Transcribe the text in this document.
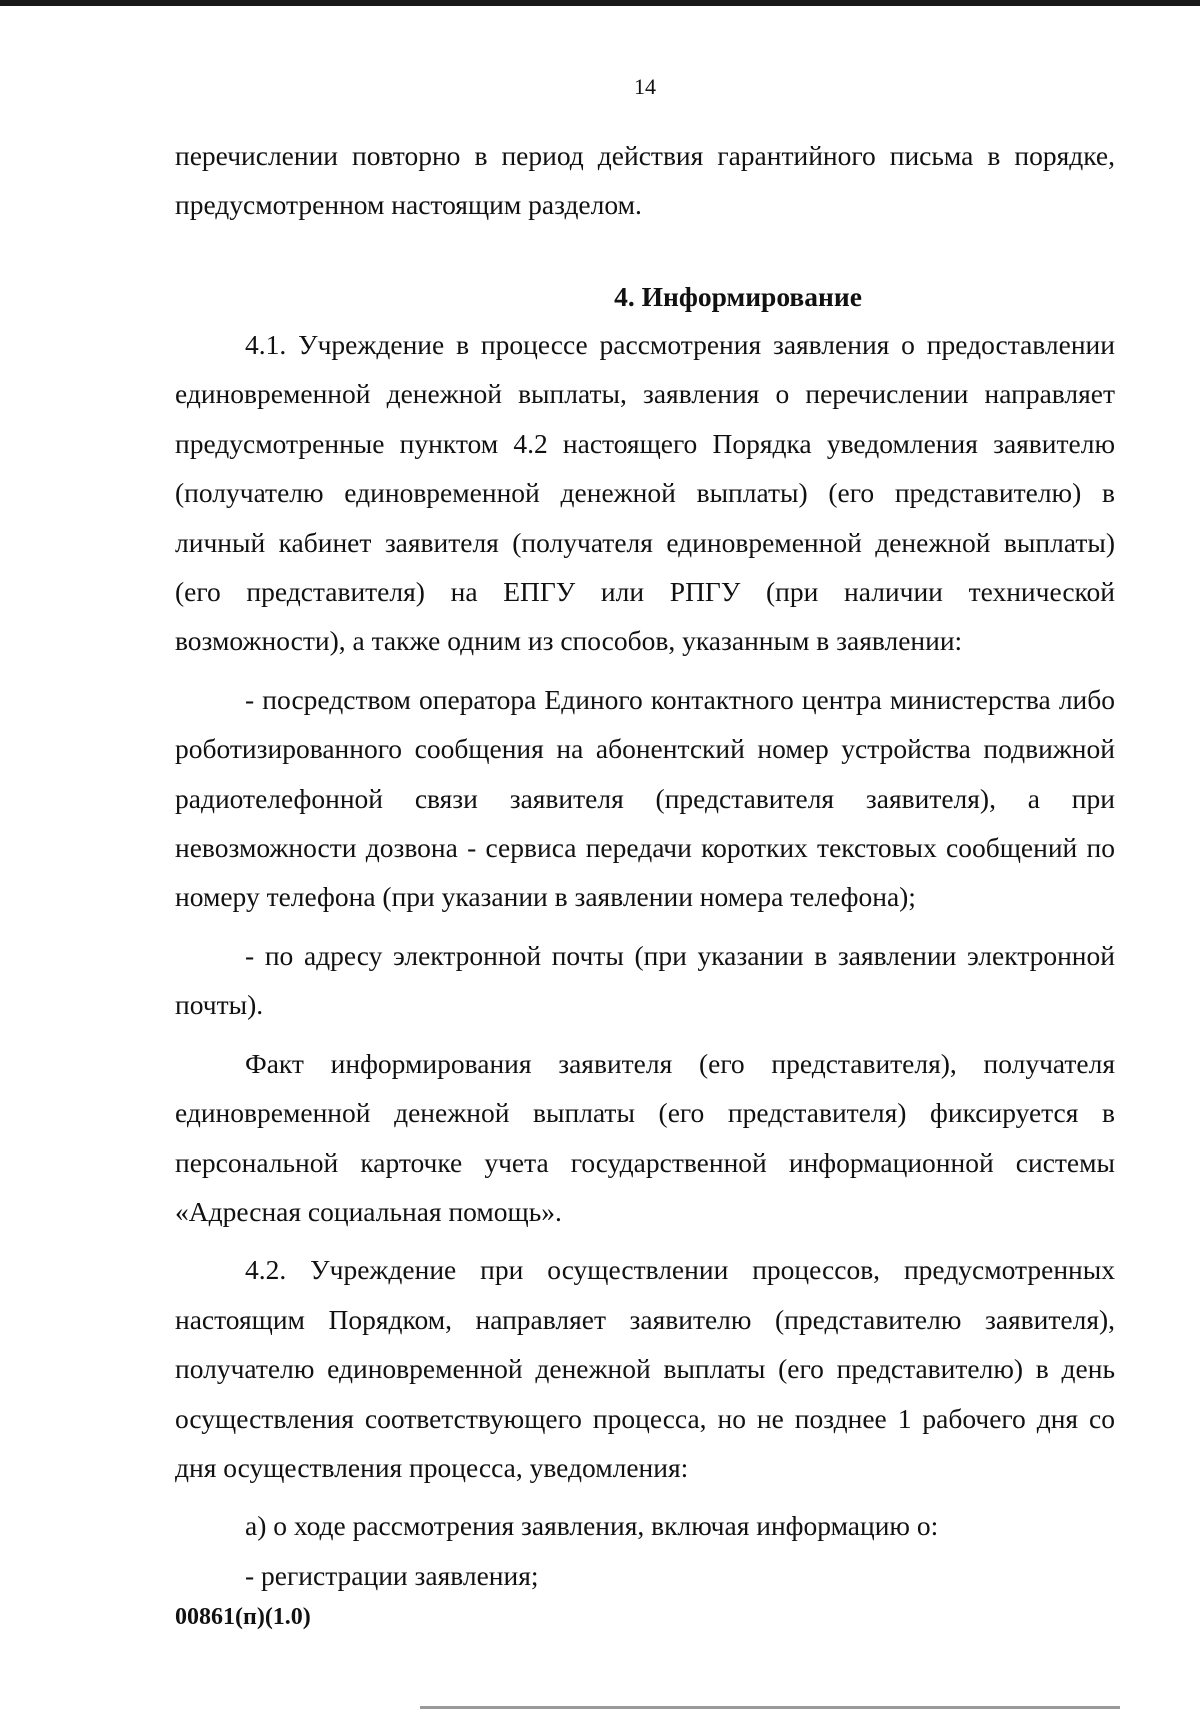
14

перечислении повторно в период действия гарантийного письма в порядке, предусмотренном настоящим разделом.

4. Информирование

4.1. Учреждение в процессе рассмотрения заявления о предоставлении единовременной денежной выплаты, заявления о перечислении направляет предусмотренные пунктом 4.2 настоящего Порядка уведомления заявителю (получателю единовременной денежной выплаты) (его представителю) в личный кабинет заявителя (получателя единовременной денежной выплаты) (его представителя) на ЕПГУ или РПГУ (при наличии технической возможности), а также одним из способов, указанным в заявлении:

- посредством оператора Единого контактного центра министерства либо роботизированного сообщения на абонентский номер устройства подвижной радиотелефонной связи заявителя (представителя заявителя), а при невозможности дозвона - сервиса передачи коротких текстовых сообщений по номеру телефона (при указании в заявлении номера телефона);

- по адресу электронной почты (при указании в заявлении электронной почты).

Факт информирования заявителя (его представителя), получателя единовременной денежной выплаты (его представителя) фиксируется в персональной карточке учета государственной информационной системы «Адресная социальная помощь».

4.2. Учреждение при осуществлении процессов, предусмотренных настоящим Порядком, направляет заявителю (представителю заявителя), получателю единовременной денежной выплаты (его представителю) в день осуществления соответствующего процесса, но не позднее 1 рабочего дня со дня осуществления процесса, уведомления:

а) о ходе рассмотрения заявления, включая информацию о:

- регистрации заявления;

00861(п)(1.0)
